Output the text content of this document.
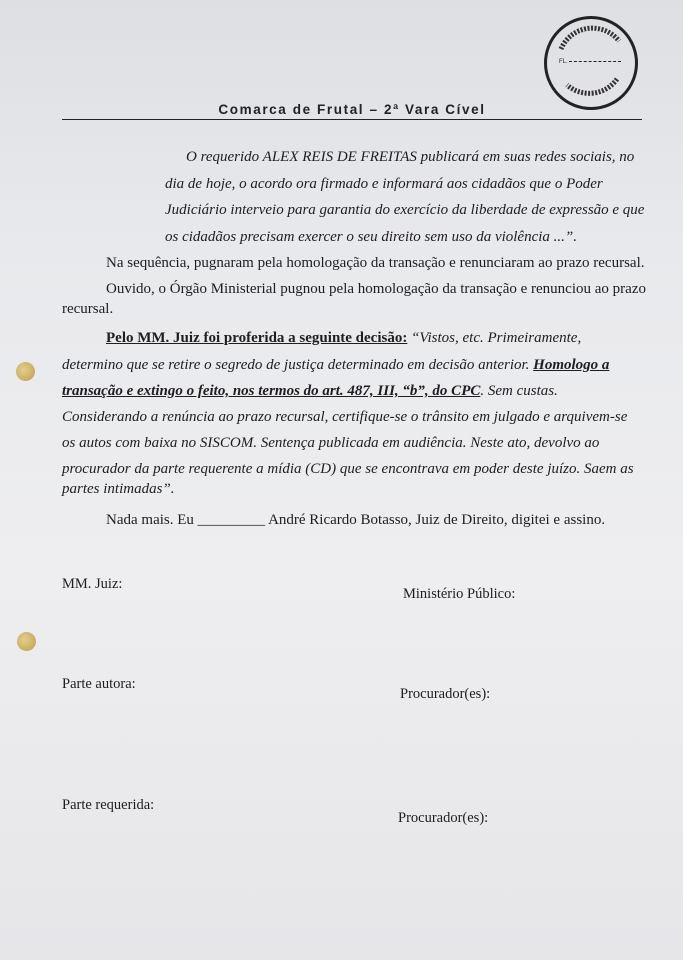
FL.
Comarca de Frutal – 2ª Vara Cível
O requerido ALEX REIS DE FREITAS publicará em suas redes sociais, no
dia de hoje, o acordo ora firmado e informará aos cidadãos que o Poder
Judiciário interveio para garantia do exercício da liberdade de expressão e que
os cidadãos precisam exercer o seu direito sem uso da violência ...”.
Na sequência, pugnaram pela homologação da transação e renunciaram ao prazo recursal.
Ouvido, o Órgão Ministerial pugnou pela homologação da transação e renunciou ao prazo
recursal.
Pelo MM. Juiz foi proferida a seguinte decisão: “Vistos, etc. Primeiramente,
determino que se retire o segredo de justiça determinado em decisão anterior. Homologo a
transação e extingo o feito, nos termos do art. 487, III, “b”, do CPC. Sem custas.
Considerando a renúncia ao prazo recursal, certifique-se o trânsito em julgado e arquivem-se
os autos com baixa no SISCOM. Sentença publicada em audiência. Neste ato, devolvo ao
procurador da parte requerente a mídia (CD) que se encontrava em poder deste juízo. Saem as
partes intimadas”.
Nada mais. Eu _________ André Ricardo Botasso, Juiz de Direito, digitei e assino.
MM. Juiz:
Ministério Público:
Parte autora:
Procurador(es):
Parte requerida:
Procurador(es):
